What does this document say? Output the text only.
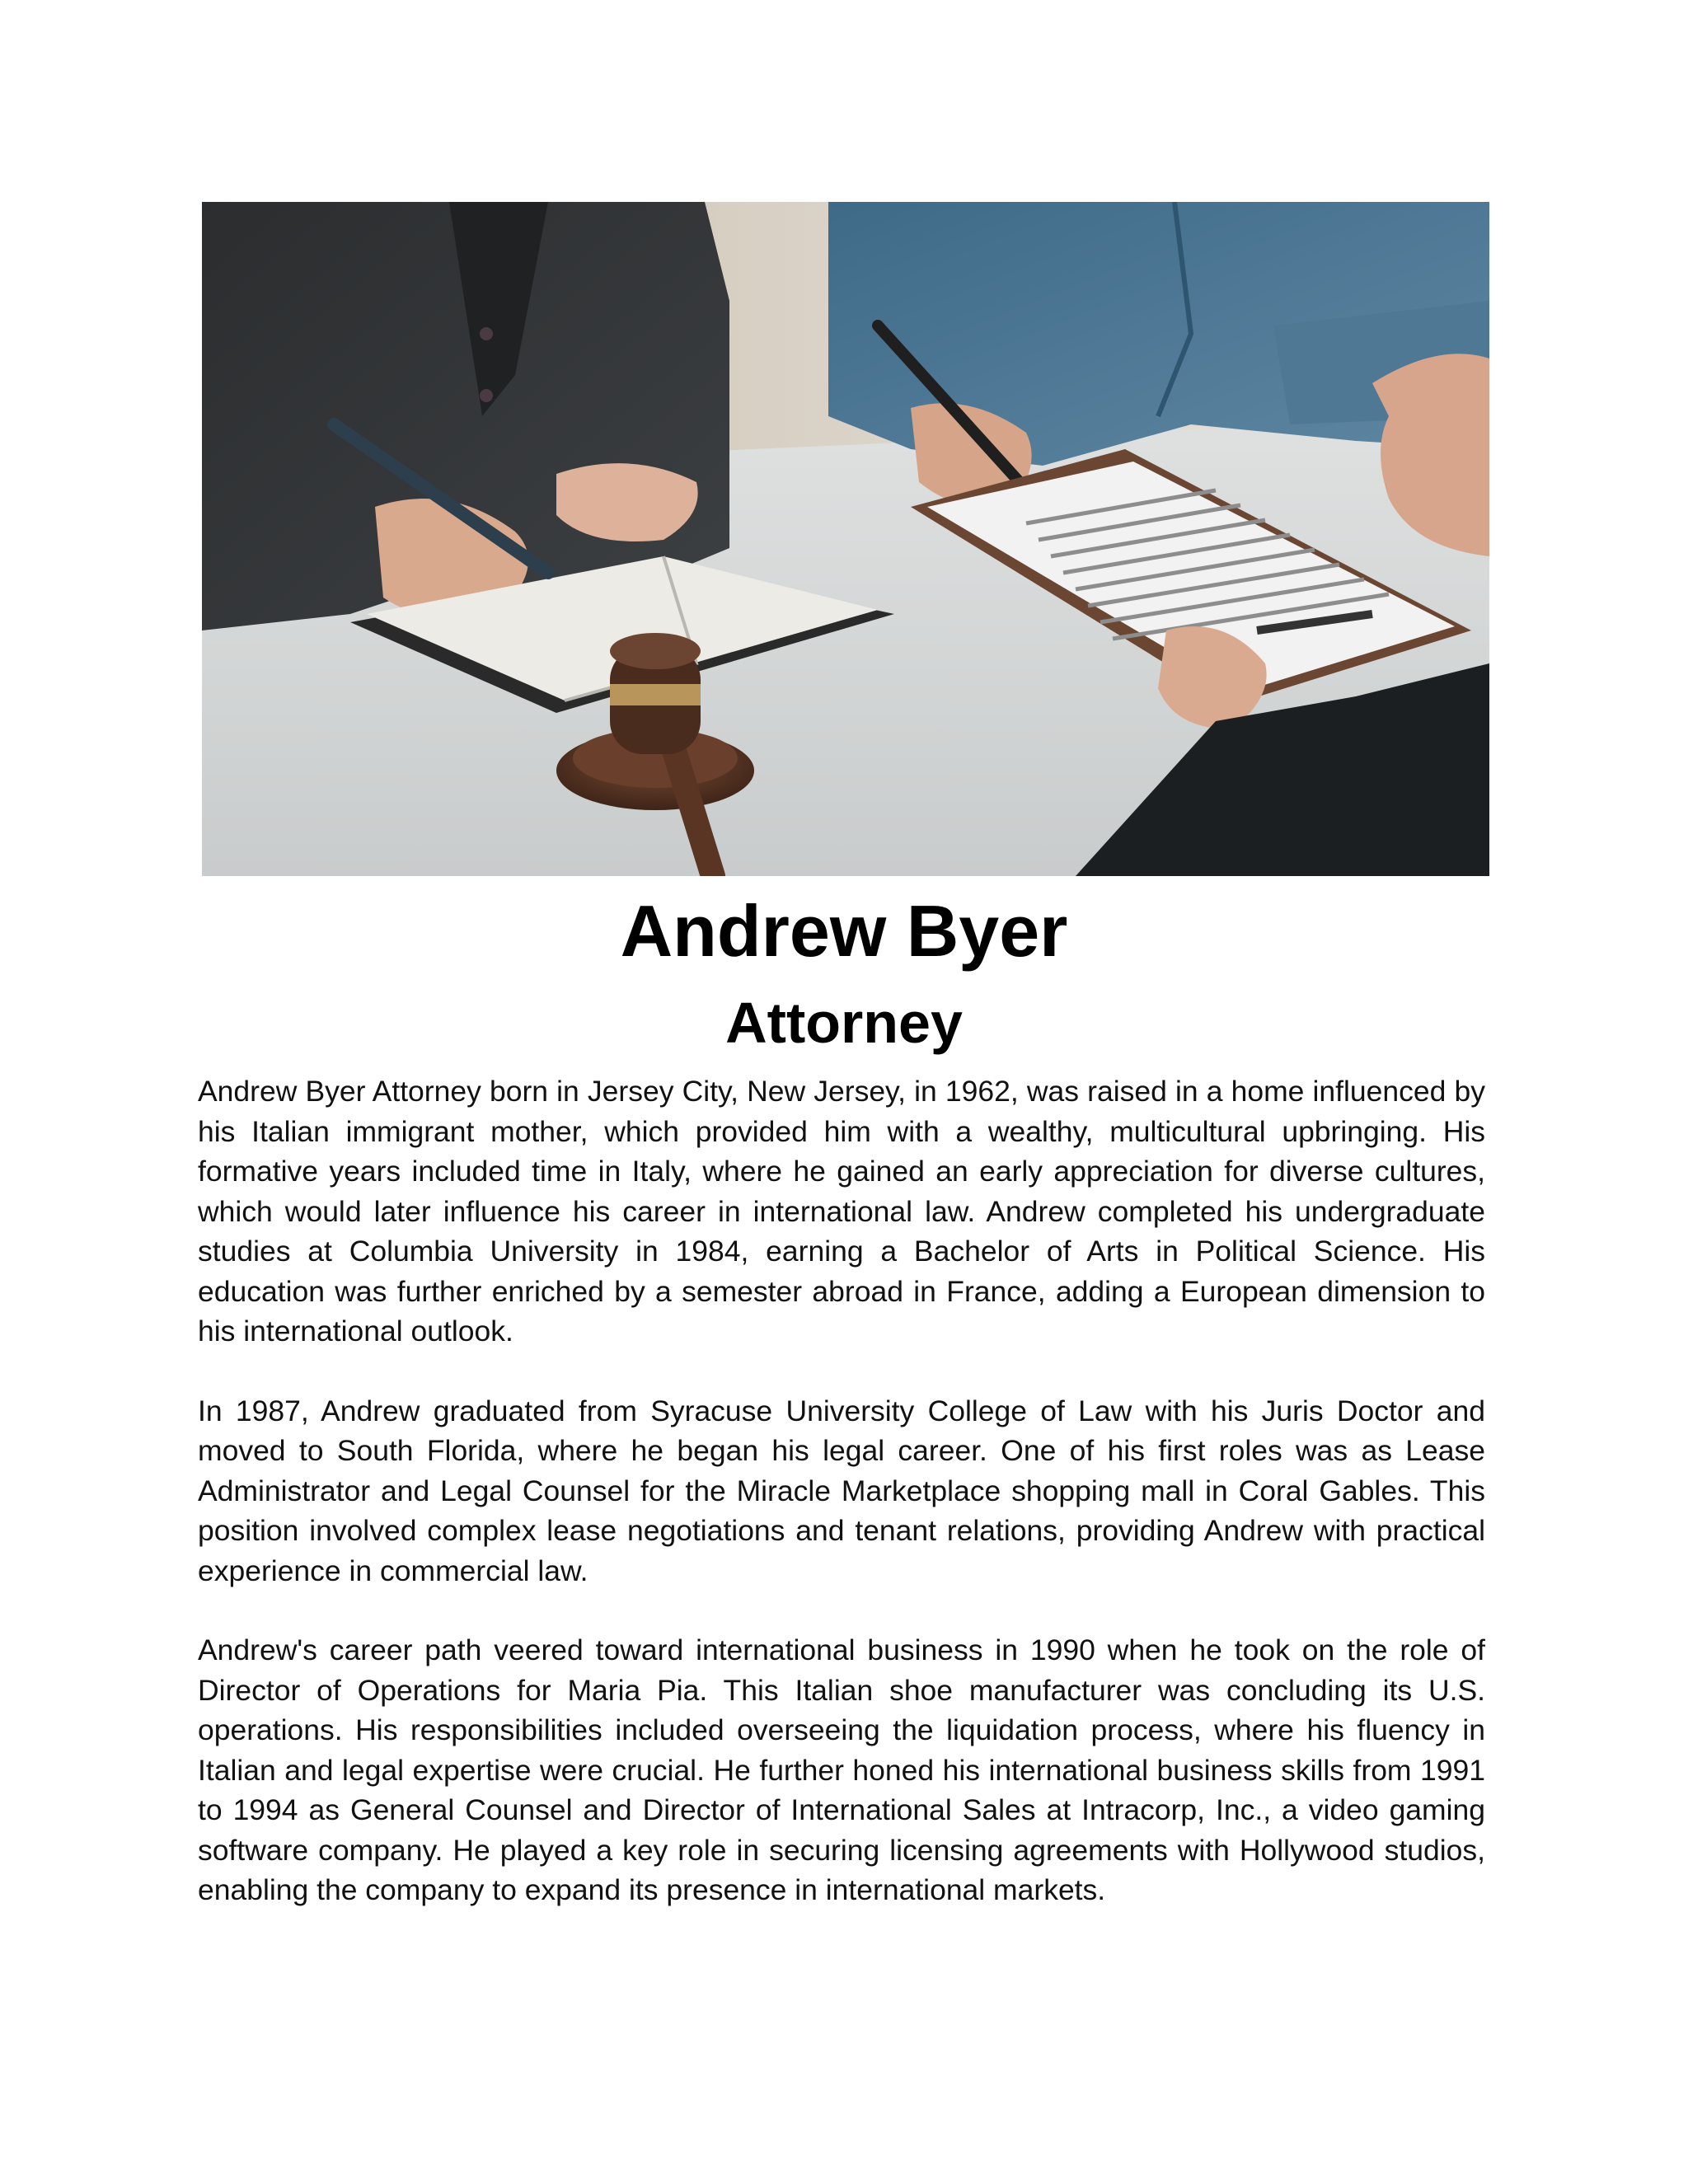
Andrew Byer
Attorney

Andrew Byer Attorney born in Jersey City, New Jersey, in 1962, was raised in a home influenced by his Italian immigrant mother, which provided him with a wealthy, multicultural upbringing. His formative years included time in Italy, where he gained an early appreciation for diverse cultures, which would later influence his career in international law. Andrew completed his undergraduate studies at Columbia University in 1984, earning a Bachelor of Arts in Political Science. His education was further enriched by a semester abroad in France, adding a European dimension to his international outlook.

In 1987, Andrew graduated from Syracuse University College of Law with his Juris Doctor and moved to South Florida, where he began his legal career. One of his first roles was as Lease Administrator and Legal Counsel for the Miracle Marketplace shopping mall in Coral Gables. This position involved complex lease negotiations and tenant relations, providing Andrew with practical experience in commercial law.

Andrew's career path veered toward international business in 1990 when he took on the role of Director of Operations for Maria Pia. This Italian shoe manufacturer was concluding its U.S. operations. His responsibilities included overseeing the liquidation process, where his fluency in Italian and legal expertise were crucial. He further honed his international business skills from 1991 to 1994 as General Counsel and Director of International Sales at Intracorp, Inc., a video gaming software company. He played a key role in securing licensing agreements with Hollywood studios, enabling the company to expand its presence in international markets.
